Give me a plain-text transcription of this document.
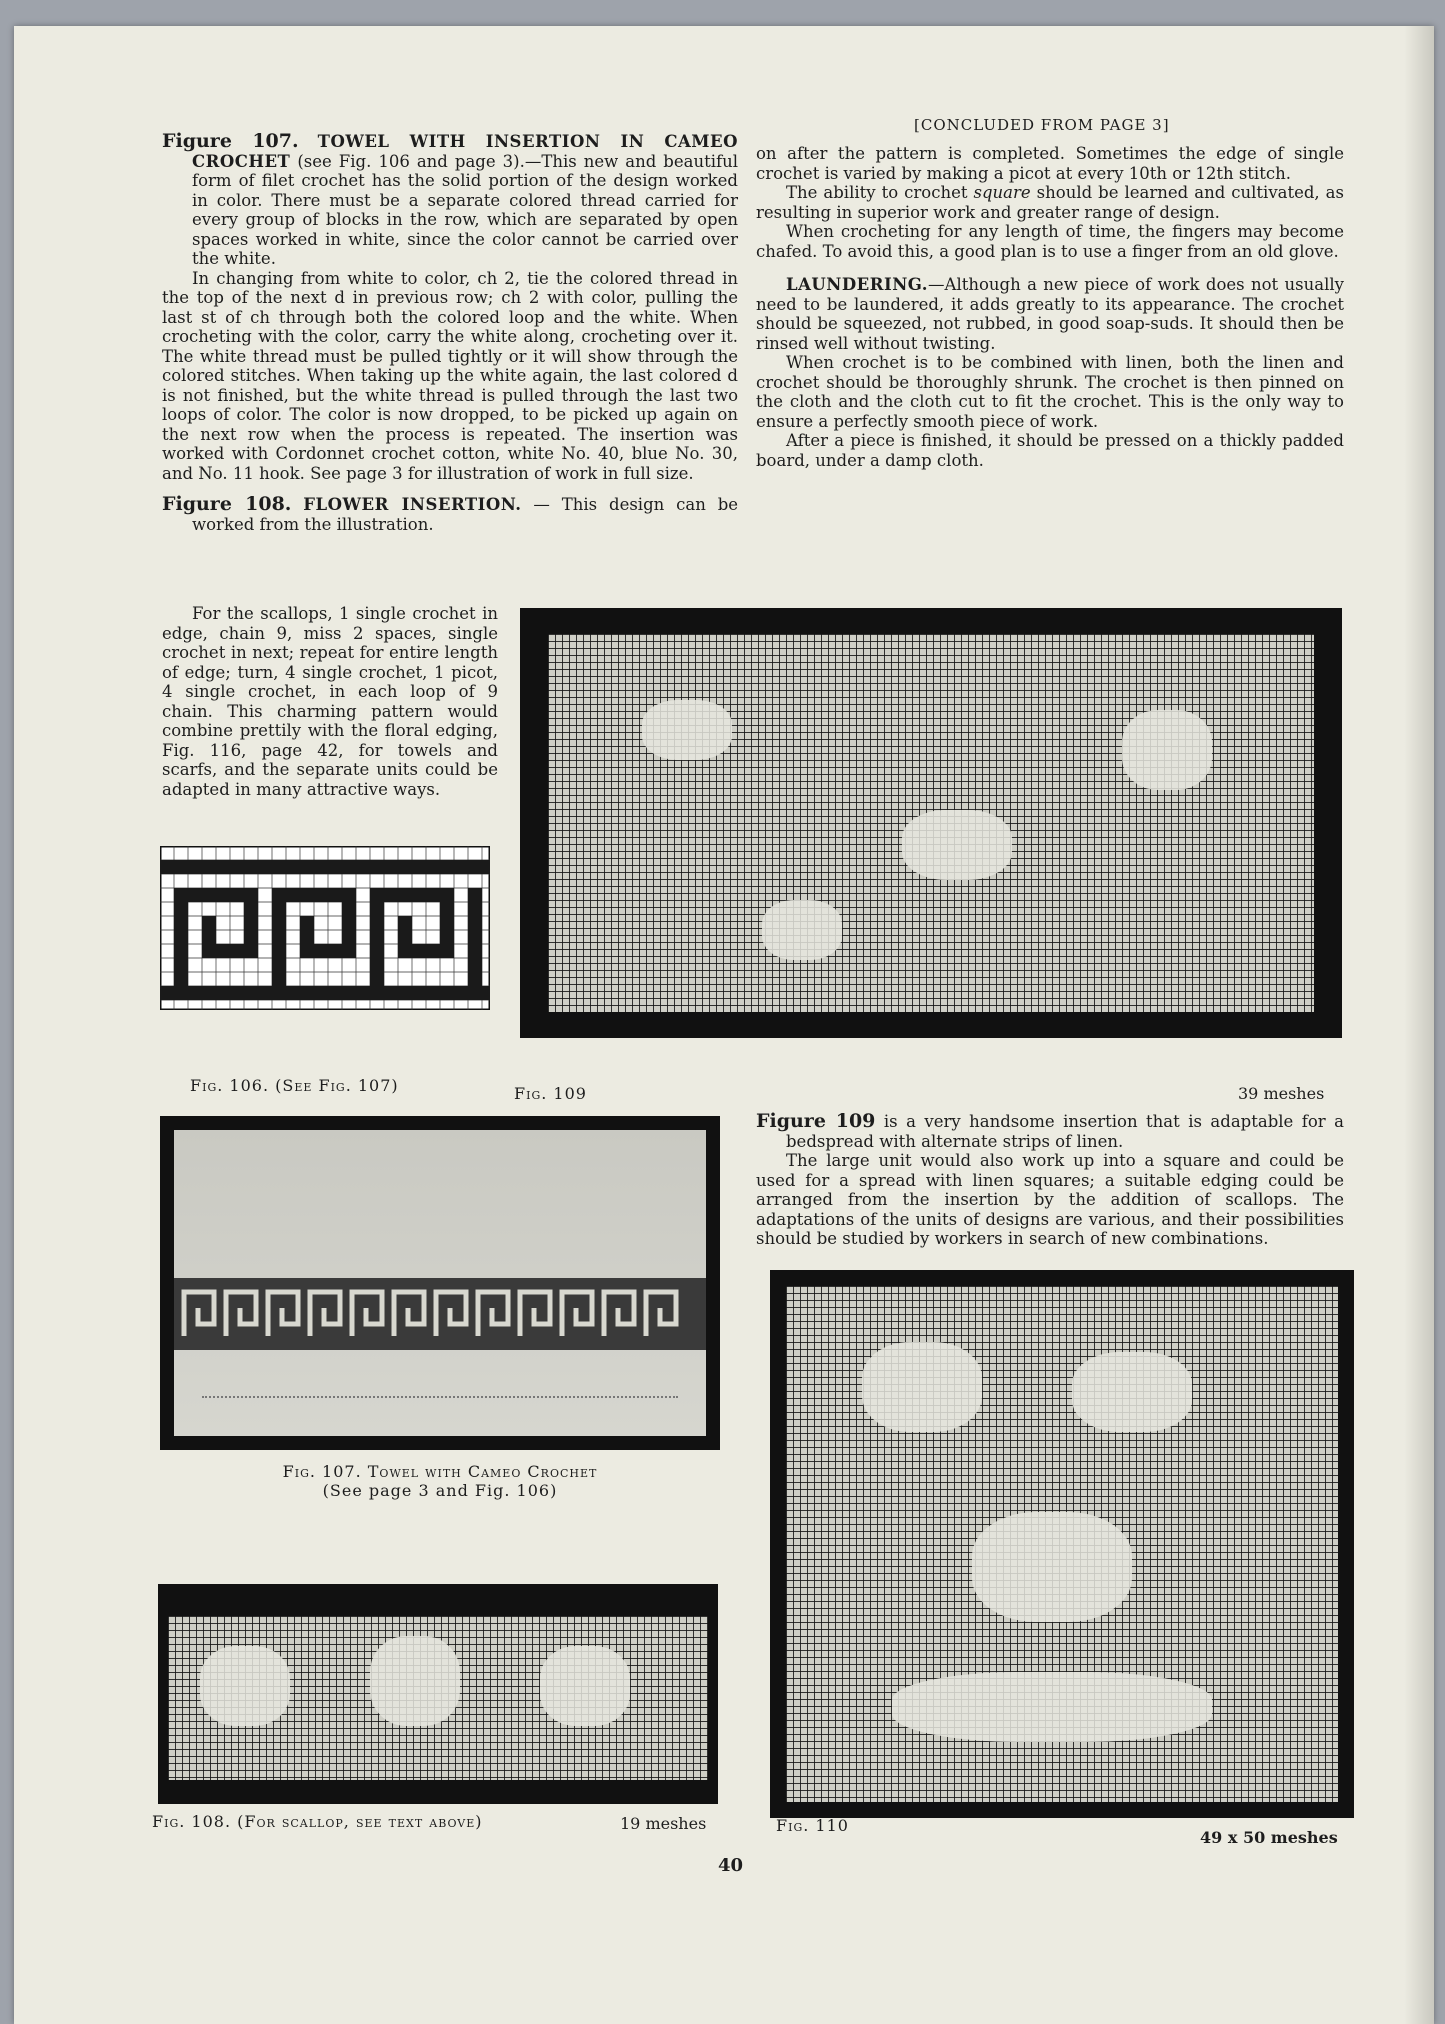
[CONCLUDED FROM PAGE 3]

Figure 107. TOWEL WITH INSERTION IN CAMEO CROCHET (see Fig. 106 and page 3).—This new and beautiful form of filet crochet has the solid portion of the design worked in color. There must be a separate colored thread carried for every group of blocks in the row, which are separated by open spaces worked in white, since the color cannot be carried over the white.

In changing from white to color, ch 2, tie the colored thread in the top of the next d in previous row; ch 2 with color, pulling the last st of ch through both the colored loop and the white. When crocheting with the color, carry the white along, crocheting over it. The white thread must be pulled tightly or it will show through the colored stitches. When taking up the white again, the last colored d is not finished, but the white thread is pulled through the last two loops of color. The color is now dropped, to be picked up again on the next row when the process is repeated. The insertion was worked with Cordonnet crochet cotton, white No. 40, blue No. 30, and No. 11 hook. See page 3 for illustration of work in full size.

Figure 108. FLOWER INSERTION. — This design can be worked from the illustration.

For the scallops, 1 single crochet in edge, chain 9, miss 2 spaces, single crochet in next; repeat for entire length of edge; turn, 4 single crochet, 1 picot, 4 single crochet, in each loop of 9 chain. This charming pattern would combine prettily with the floral edging, Fig. 116, page 42, for towels and scarfs, and the separate units could be adapted in many attractive ways.

on after the pattern is completed. Sometimes the edge of single crochet is varied by making a picot at every 10th or 12th stitch.

The ability to crochet square should be learned and cultivated, as resulting in superior work and greater range of design.

When crocheting for any length of time, the fingers may become chafed. To avoid this, a good plan is to use a finger from an old glove.

LAUNDERING.—Although a new piece of work does not usually need to be laundered, it adds greatly to its appearance. The crochet should be squeezed, not rubbed, in good soap-suds. It should then be rinsed well without twisting.

When crochet is to be combined with linen, both the linen and crochet should be thoroughly shrunk. The crochet is then pinned on the cloth and the cloth cut to fit the crochet. This is the only way to ensure a perfectly smooth piece of work.

After a piece is finished, it should be pressed on a thickly padded board, under a damp cloth.

Fig. 106. (See Fig. 107)	Fig. 109	39 meshes
Fig. 107. Towel with Cameo Crochet
(See page 3 and Fig. 106)

Figure 109 is a very handsome insertion that is adaptable for a bedspread with alternate strips of linen.

The large unit would also work up into a square and could be used for a spread with linen squares; a suitable edging could be arranged from the insertion by the addition of scallops. The adaptations of the units of designs are various, and their possibilities should be studied by workers in search of new combinations.

Fig. 108. (For scallop, see text above)	19 meshes	Fig. 110
49 x 50 meshes
40
